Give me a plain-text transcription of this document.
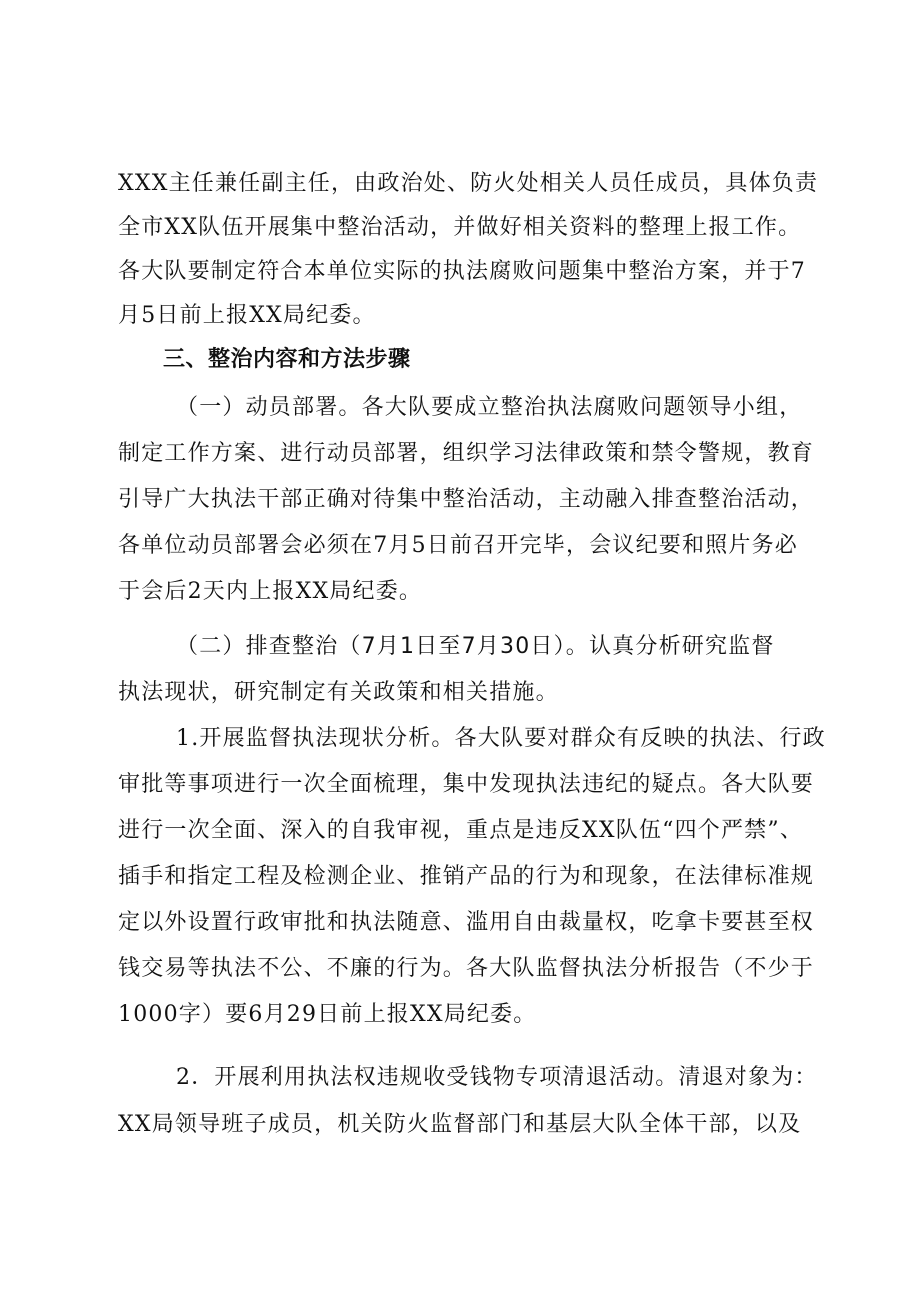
XXX主任兼任副主任，由政治处、防火处相关人员任成员，具体负责
全市XX队伍开展集中整治活动，并做好相关资料的整理上报工作。
各大队要制定符合本单位实际的执法腐败问题集中整治方案，并于7
月5日前上报XX局纪委。
三、整治内容和方法步骤
（一）动员部署。各大队要成立整治执法腐败问题领导小组，
制定工作方案、进行动员部署，组织学习法律政策和禁令警规，教育
引导广大执法干部正确对待集中整治活动，主动融入排查整治活动，
各单位动员部署会必须在7月5日前召开完毕，会议纪要和照片务必
于会后2天内上报XX局纪委。
（二）排查整治（7月1日至7月30日）。认真分析研究监督
执法现状，研究制定有关政策和相关措施。
1.开展监督执法现状分析。各大队要对群众有反映的执法、行政
审批等事项进行一次全面梳理，集中发现执法违纪的疑点。各大队要
进行一次全面、深入的自我审视，重点是违反XX队伍“四个严禁”、
插手和指定工程及检测企业、推销产品的行为和现象，在法律标准规
定以外设置行政审批和执法随意、滥用自由裁量权，吃拿卡要甚至权
钱交易等执法不公、不廉的行为。各大队监督执法分析报告（不少于
1000字）要6月29日前上报XX局纪委。
2．开展利用执法权违规收受钱物专项清退活动。清退对象为：
XX局领导班子成员，机关防火监督部门和基层大队全体干部，以及
